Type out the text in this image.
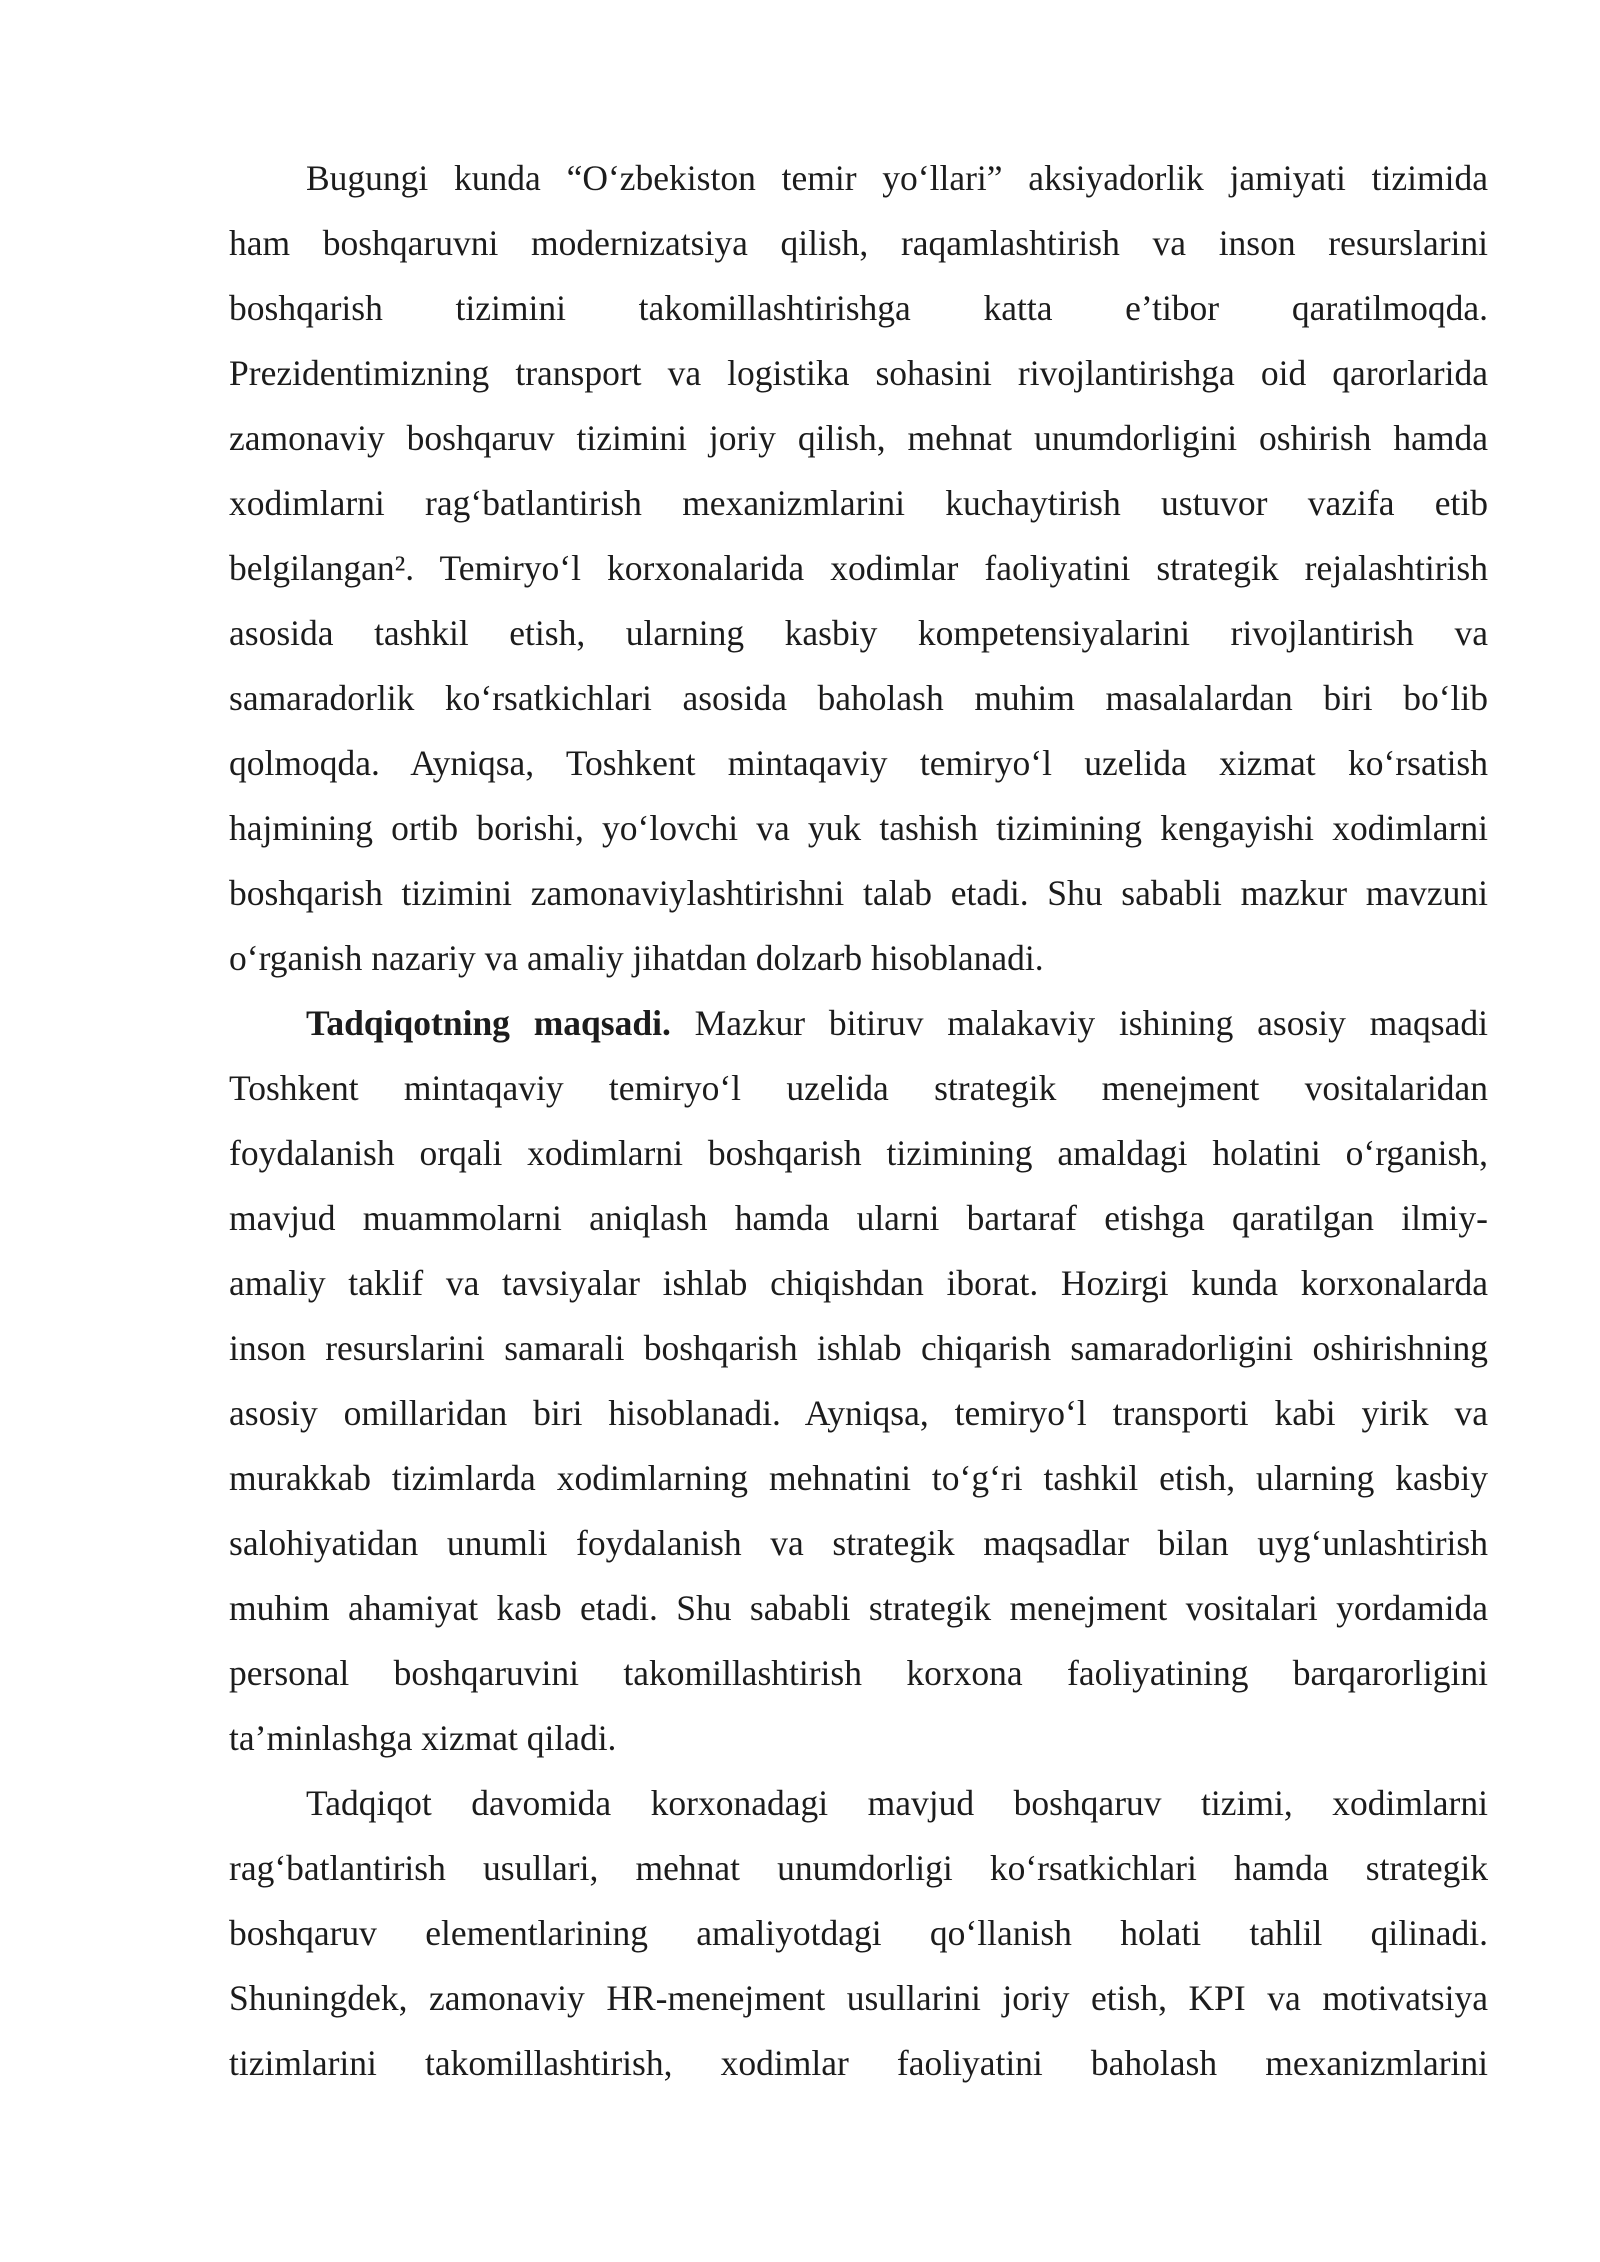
Bugungi kunda “O‘zbekiston temir yo‘llari” aksiyadorlik jamiyati tizimida
ham boshqaruvni modernizatsiya qilish, raqamlashtirish va inson resurslarini
boshqarish tizimini takomillashtirishga katta e’tibor qaratilmoqda.
Prezidentimizning transport va logistika sohasini rivojlantirishga oid qarorlarida
zamonaviy boshqaruv tizimini joriy qilish, mehnat unumdorligini oshirish hamda
xodimlarni rag‘batlantirish mexanizmlarini kuchaytirish ustuvor vazifa etib
belgilangan². Temiryo‘l korxonalarida xodimlar faoliyatini strategik rejalashtirish
asosida tashkil etish, ularning kasbiy kompetensiyalarini rivojlantirish va
samaradorlik ko‘rsatkichlari asosida baholash muhim masalalardan biri bo‘lib
qolmoqda. Ayniqsa, Toshkent mintaqaviy temiryo‘l uzelida xizmat ko‘rsatish
hajmining ortib borishi, yo‘lovchi va yuk tashish tizimining kengayishi xodimlarni
boshqarish tizimini zamonaviylashtirishni talab etadi. Shu sababli mazkur mavzuni
o‘rganish nazariy va amaliy jihatdan dolzarb hisoblanadi.
Tadqiqotning maqsadi. Mazkur bitiruv malakaviy ishining asosiy maqsadi
Toshkent mintaqaviy temiryo‘l uzelida strategik menejment vositalaridan
foydalanish orqali xodimlarni boshqarish tizimining amaldagi holatini o‘rganish,
mavjud muammolarni aniqlash hamda ularni bartaraf etishga qaratilgan ilmiy-
amaliy taklif va tavsiyalar ishlab chiqishdan iborat. Hozirgi kunda korxonalarda
inson resurslarini samarali boshqarish ishlab chiqarish samaradorligini oshirishning
asosiy omillaridan biri hisoblanadi. Ayniqsa, temiryo‘l transporti kabi yirik va
murakkab tizimlarda xodimlarning mehnatini to‘g‘ri tashkil etish, ularning kasbiy
salohiyatidan unumli foydalanish va strategik maqsadlar bilan uyg‘unlashtirish
muhim ahamiyat kasb etadi. Shu sababli strategik menejment vositalari yordamida
personal boshqaruvini takomillashtirish korxona faoliyatining barqarorligini
ta’minlashga xizmat qiladi.
Tadqiqot davomida korxonadagi mavjud boshqaruv tizimi, xodimlarni
rag‘batlantirish usullari, mehnat unumdorligi ko‘rsatkichlari hamda strategik
boshqaruv elementlarining amaliyotdagi qo‘llanish holati tahlil qilinadi.
Shuningdek, zamonaviy HR-menejment usullarini joriy etish, KPI va motivatsiya
tizimlarini takomillashtirish, xodimlar faoliyatini baholash mexanizmlarini
